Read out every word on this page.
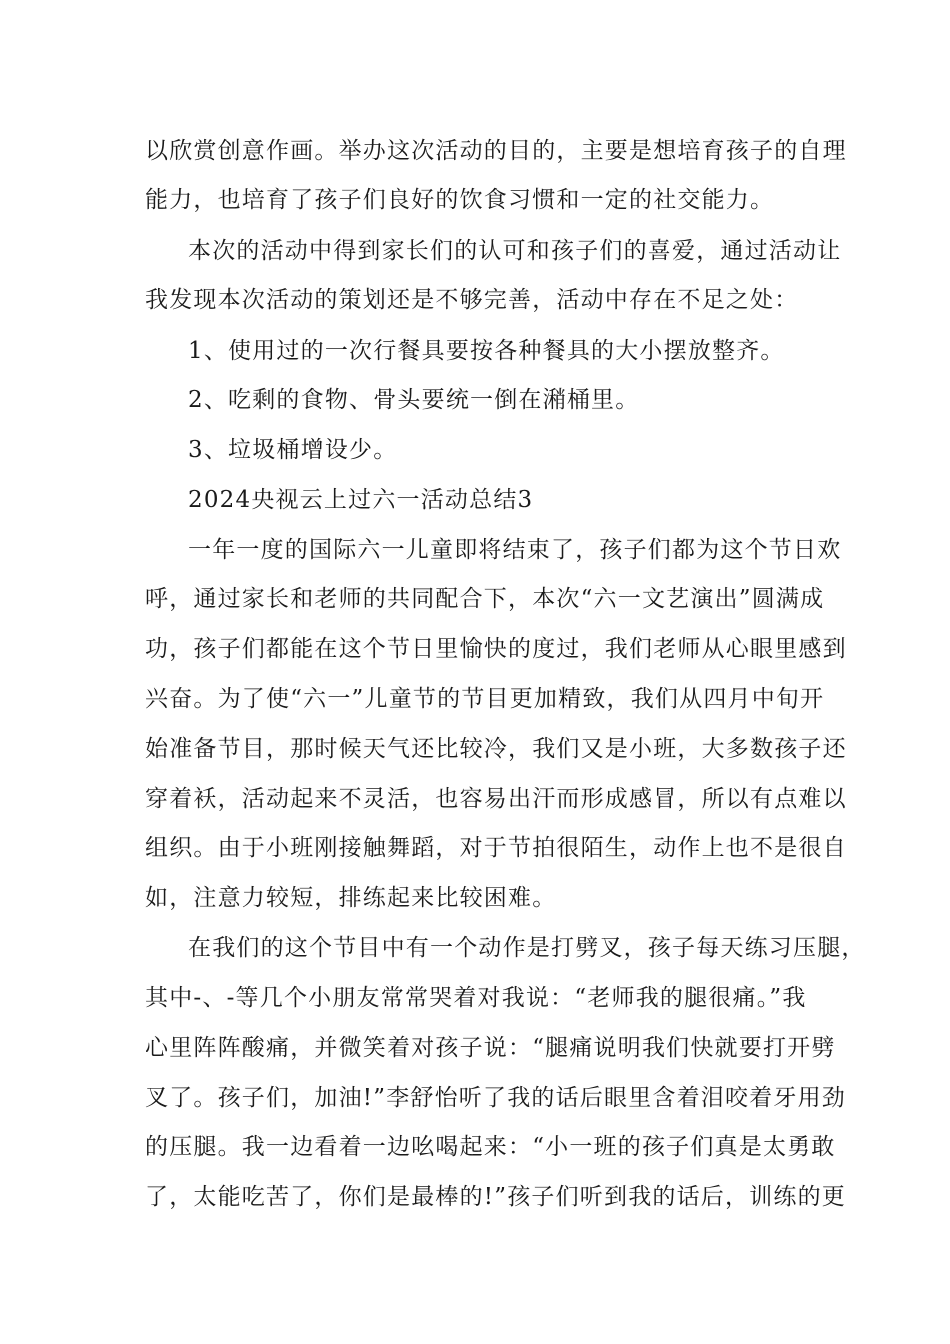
以欣赏创意作画。举办这次活动的目的，主要是想培育孩子的自理

能力，也培育了孩子们良好的饮食习惯和一定的社交能力。

本次的活动中得到家长们的认可和孩子们的喜爱，通过活动让

我发现本次活动的策划还是不够完善，活动中存在不足之处：

1、使用过的一次行餐具要按各种餐具的大小摆放整齐。

2、吃剩的食物、骨头要统一倒在潲桶里。

3、垃圾桶增设少。

2024央视云上过六一活动总结3

一年一度的国际六一儿童即将结束了，孩子们都为这个节日欢

呼，通过家长和老师的共同配合下，本次“六一文艺演出”圆满成

功，孩子们都能在这个节日里愉快的度过，我们老师从心眼里感到

兴奋。为了使“六一”儿童节的节目更加精致，我们从四月中旬开

始准备节目，那时候天气还比较冷，我们又是小班，大多数孩子还

穿着袄，活动起来不灵活，也容易出汗而形成感冒，所以有点难以

组织。由于小班刚接触舞蹈，对于节拍很陌生，动作上也不是很自

如，注意力较短，排练起来比较困难。

在我们的这个节目中有一个动作是打劈叉，孩子每天练习压腿，

其中-、-等几个小朋友常常哭着对我说：“老师我的腿很痛。”我

心里阵阵酸痛，并微笑着对孩子说：“腿痛说明我们快就要打开劈

叉了。孩子们，加油!”李舒怡听了我的话后眼里含着泪咬着牙用劲

的压腿。我一边看着一边吆喝起来：“小一班的孩子们真是太勇敢

了，太能吃苦了，你们是最棒的!”孩子们听到我的话后，训练的更
